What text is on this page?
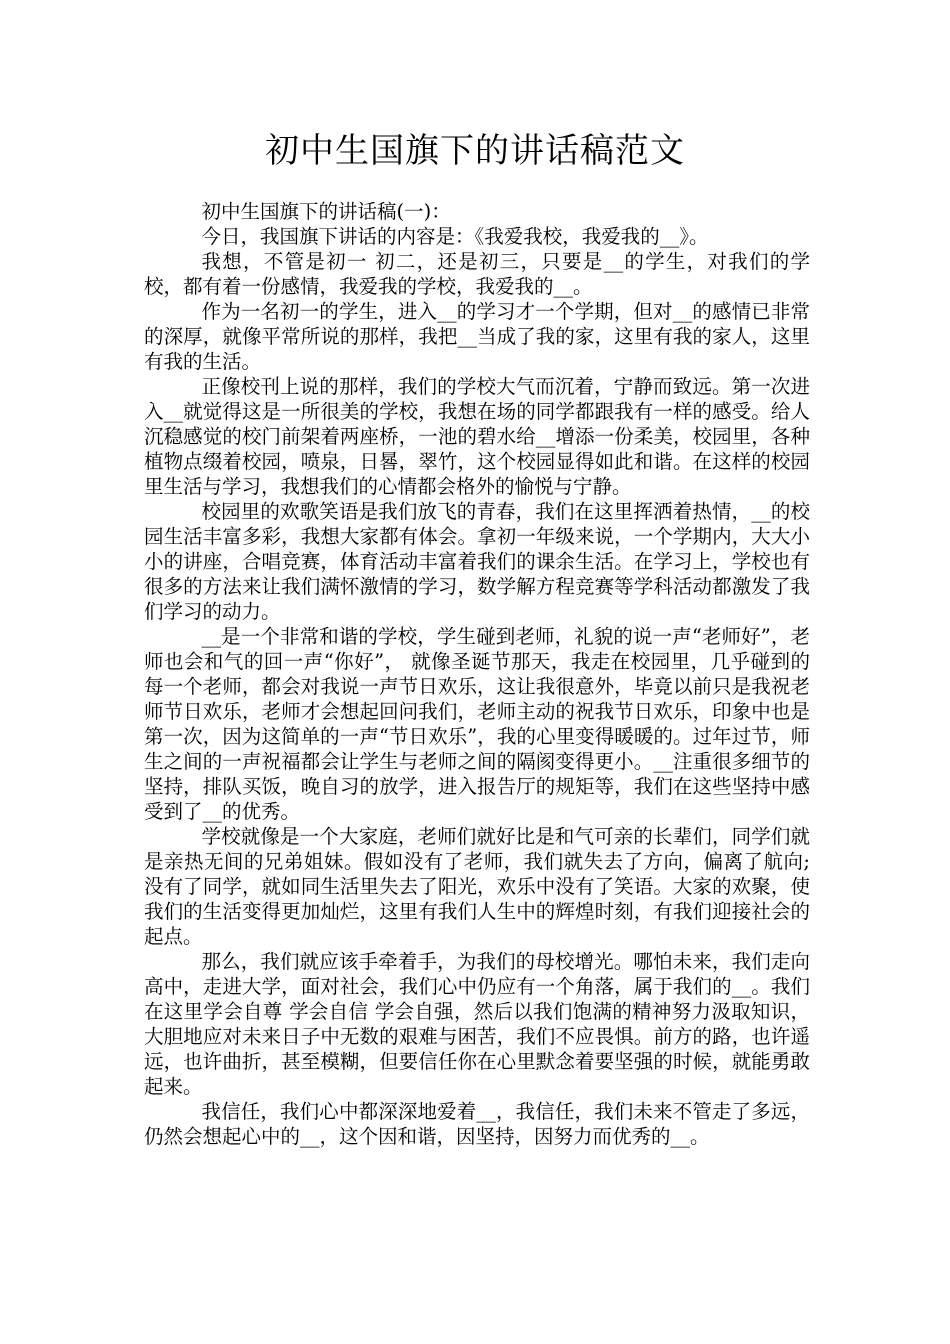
初中生国旗下的讲话稿范文

初中生国旗下的讲话稿(一)：

今日，我国旗下讲话的内容是：《我爱我校，我爱我的__》。

我想，不管是初一 初二，还是初三，只要是__的学生，对我们的学校，都有着一份感情，我爱我的学校，我爱我的__。

作为一名初一的学生，进入__的学习才一个学期，但对__的感情已非常的深厚，就像平常所说的那样，我把__当成了我的家，这里有我的家人，这里有我的生活。

正像校刊上说的那样，我们的学校大气而沉着，宁静而致远。第一次进入__就觉得这是一所很美的学校，我想在场的同学都跟我有一样的感受。给人沉稳感觉的校门前架着两座桥，一池的碧水给__增添一份柔美，校园里，各种植物点缀着校园，喷泉，日晷，翠竹，这个校园显得如此和谐。在这样的校园里生活与学习，我想我们的心情都会格外的愉悦与宁静。

校园里的欢歌笑语是我们放飞的青春，我们在这里挥洒着热情，__的校园生活丰富多彩，我想大家都有体会。拿初一年级来说，一个学期内，大大小小的讲座，合唱竞赛，体育活动丰富着我们的课余生活。在学习上，学校也有很多的方法来让我们满怀激情的学习，数学解方程竞赛等学科活动都激发了我们学习的动力。

__是一个非常和谐的学校，学生碰到老师，礼貌的说一声“老师好”，老师也会和气的回一声“你好”， 就像圣诞节那天，我走在校园里，几乎碰到的每一个老师，都会对我说一声节日欢乐，这让我很意外，毕竟以前只是我祝老师节日欢乐，老师才会想起回问我们，老师主动的祝我节日欢乐，印象中也是第一次，因为这简单的一声“节日欢乐”，我的心里变得暖暖的。过年过节，师生之间的一声祝福都会让学生与老师之间的隔阂变得更小。__注重很多细节的坚持，排队买饭，晚自习的放学，进入报告厅的规矩等，我们在这些坚持中感受到了__的优秀。

学校就像是一个大家庭，老师们就好比是和气可亲的长辈们，同学们就是亲热无间的兄弟姐妹。假如没有了老师，我们就失去了方向，偏离了航向;没有了同学，就如同生活里失去了阳光，欢乐中没有了笑语。大家的欢聚，使我们的生活变得更加灿烂，这里有我们人生中的辉煌时刻，有我们迎接社会的起点。

那么，我们就应该手牵着手，为我们的母校增光。哪怕未来，我们走向高中，走进大学，面对社会，我们心中仍应有一个角落，属于我们的__。我们在这里学会自尊 学会自信 学会自强，然后以我们饱满的精神努力汲取知识，大胆地应对未来日子中无数的艰难与困苦，我们不应畏惧。前方的路，也许遥远，也许曲折，甚至模糊，但要信任你在心里默念着要坚强的时候，就能勇敢起来。

我信任，我们心中都深深地爱着__，我信任，我们未来不管走了多远，仍然会想起心中的__，这个因和谐，因坚持，因努力而优秀的__。
